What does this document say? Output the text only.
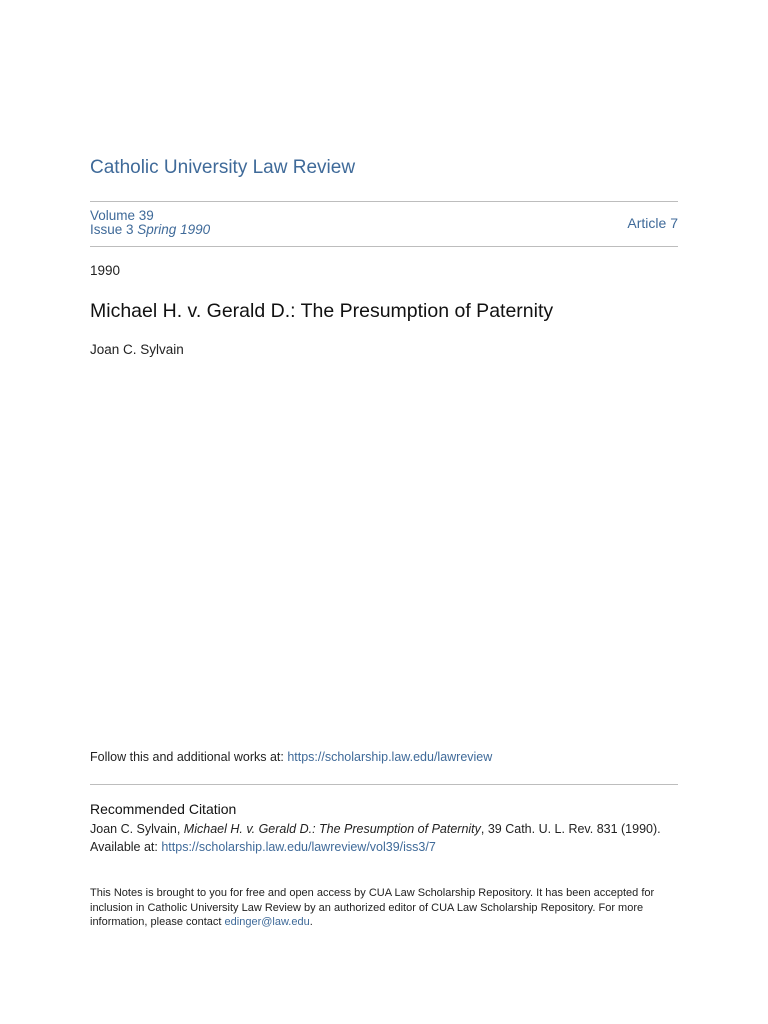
Catholic University Law Review
Volume 39
Issue 3 Spring 1990	Article 7
1990
Michael H. v. Gerald D.: The Presumption of Paternity
Joan C. Sylvain
Follow this and additional works at: https://scholarship.law.edu/lawreview
Recommended Citation
Joan C. Sylvain, Michael H. v. Gerald D.: The Presumption of Paternity, 39 Cath. U. L. Rev. 831 (1990).
Available at: https://scholarship.law.edu/lawreview/vol39/iss3/7
This Notes is brought to you for free and open access by CUA Law Scholarship Repository. It has been accepted for inclusion in Catholic University Law Review by an authorized editor of CUA Law Scholarship Repository. For more information, please contact edinger@law.edu.
